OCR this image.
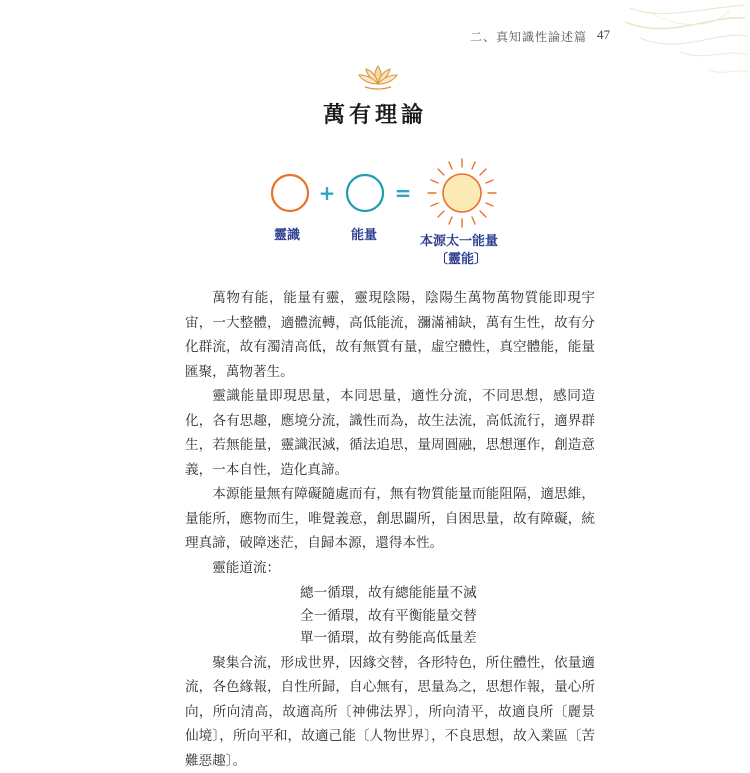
二、真知識性論述篇 47
萬有理論
+	=
靈識	能量	本源太一能量
〔靈能〕

萬物有能，能量有靈，靈現陰陽，陰陽生萬物萬物質能即現宇宙，一大整體，適體流轉，高低能流，瀰滿補缺，萬有生性，故有分化群流，故有濁清高低，故有無質有量，虛空體性，真空體能，能量匯聚，萬物著生。

靈識能量即現思量，本同思量，適性分流，不同思想，感同造化，各有思趣，應境分流，識性而為，故生法流，高低流行，適界群生，若無能量，靈識泯滅，循法追思，量周圓融，思想運作，創造意義，一本自性，造化真諦。

本源能量無有障礙隨處而有，無有物質能量而能阻隔，適思維，量能所，應物而生，唯覺義意，創思闢所，自困思量，故有障礙，統理真諦，破障迷茫，自歸本源，還得本性。

靈能道流：

總一循環，故有總能能量不滅
全一循環，故有平衡能量交替
單一循環，故有勢能高低量差

聚集合流，形成世界，因緣交替，各形特色，所住體性，依量適流，各色緣報，自性所歸，自心無有，思量為之，思想作報，量心所向，所向清高，故適高所〔神佛法界〕，所向清平，故適良所〔麗景仙境〕，所向平和，故適己能〔人物世界〕，不良思想，故入業區〔苦難惡趣〕。
